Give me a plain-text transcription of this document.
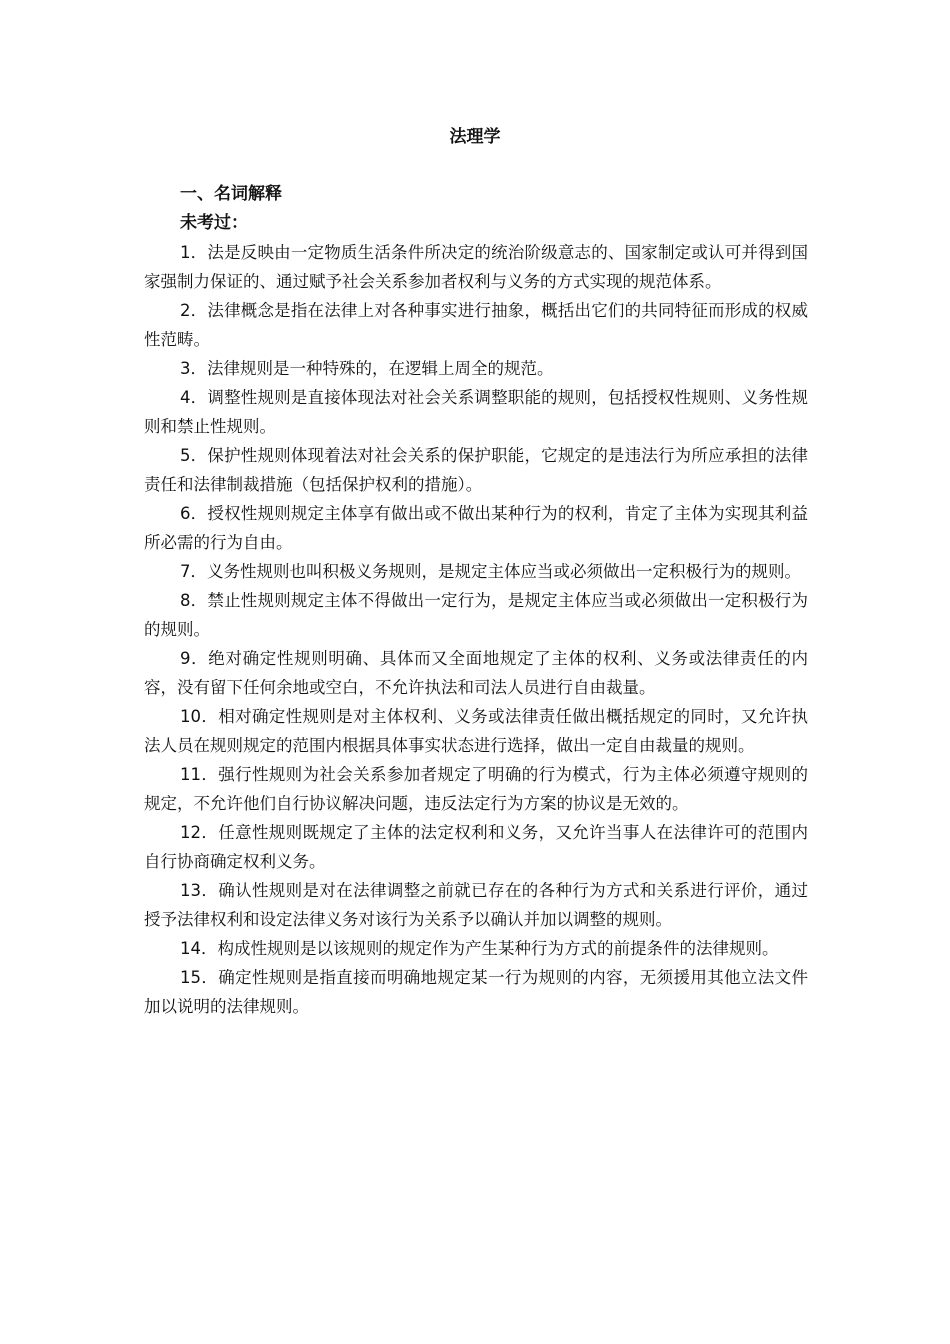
法理学

一、名词解释

未考过：

1．法是反映由一定物质生活条件所决定的统治阶级意志的、国家制定或认可并得到国家强制力保证的、通过赋予社会关系参加者权利与义务的方式实现的规范体系。

2．法律概念是指在法律上对各种事实进行抽象，概括出它们的共同特征而形成的权威性范畴。

3．法律规则是一种特殊的，在逻辑上周全的规范。

4．调整性规则是直接体现法对社会关系调整职能的规则，包括授权性规则、义务性规则和禁止性规则。

5．保护性规则体现着法对社会关系的保护职能，它规定的是违法行为所应承担的法律责任和法律制裁措施（包括保护权利的措施）。

6．授权性规则规定主体享有做出或不做出某种行为的权利，肯定了主体为实现其利益所必需的行为自由。

7．义务性规则也叫积极义务规则，是规定主体应当或必须做出一定积极行为的规则。

8．禁止性规则规定主体不得做出一定行为，是规定主体应当或必须做出一定积极行为的规则。

9．绝对确定性规则明确、具体而又全面地规定了主体的权利、义务或法律责任的内容，没有留下任何余地或空白，不允许执法和司法人员进行自由裁量。

10．相对确定性规则是对主体权利、义务或法律责任做出概括规定的同时，又允许执法人员在规则规定的范围内根据具体事实状态进行选择，做出一定自由裁量的规则。

11．强行性规则为社会关系参加者规定了明确的行为模式，行为主体必须遵守规则的规定，不允许他们自行协议解决问题，违反法定行为方案的协议是无效的。

12．任意性规则既规定了主体的法定权利和义务，又允许当事人在法律许可的范围内自行协商确定权利义务。

13．确认性规则是对在法律调整之前就已存在的各种行为方式和关系进行评价，通过授予法律权利和设定法律义务对该行为关系予以确认并加以调整的规则。

14．构成性规则是以该规则的规定作为产生某种行为方式的前提条件的法律规则。

15．确定性规则是指直接而明确地规定某一行为规则的内容，无须援用其他立法文件加以说明的法律规则。
